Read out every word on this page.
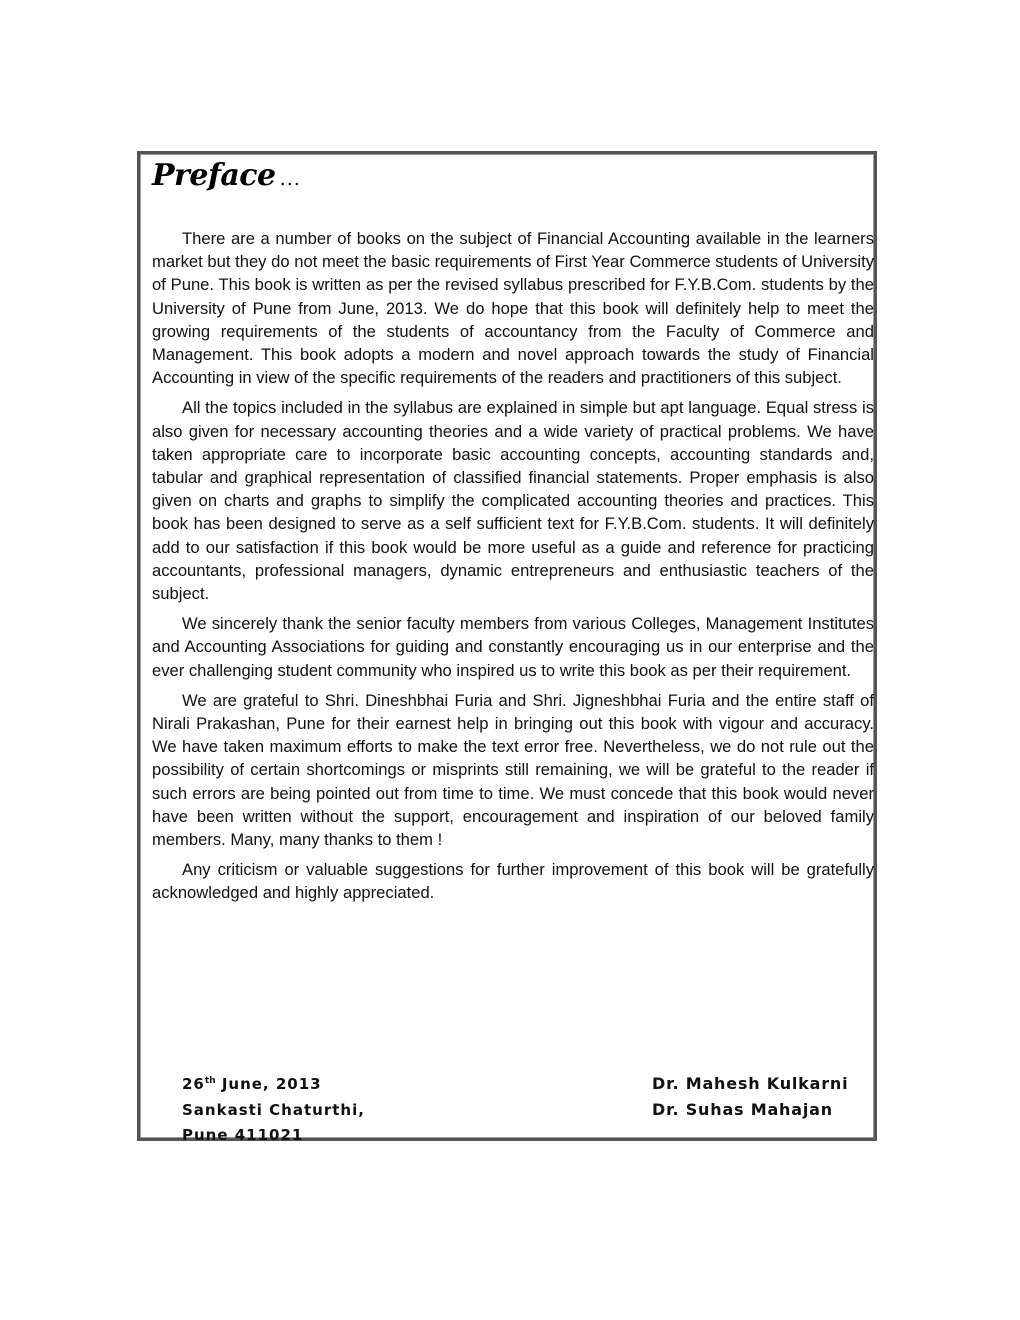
Preface ...

There are a number of books on the subject of Financial Accounting available in the learners market but they do not meet the basic requirements of First Year Commerce students of University of Pune. This book is written as per the revised syllabus prescribed for F.Y.B.Com. students by the University of Pune from June, 2013. We do hope that this book will definitely help to meet the growing requirements of the students of accountancy from the Faculty of Commerce and Management. This book adopts a modern and novel approach towards the study of Financial Accounting in view of the specific requirements of the readers and practitioners of this subject.

All the topics included in the syllabus are explained in simple but apt language. Equal stress is also given for necessary accounting theories and a wide variety of practical problems. We have taken appropriate care to incorporate basic accounting concepts, accounting standards and, tabular and graphical representation of classified financial statements. Proper emphasis is also given on charts and graphs to simplify the complicated accounting theories and practices. This book has been designed to serve as a self sufficient text for F.Y.B.Com. students. It will definitely add to our satisfaction if this book would be more useful as a guide and reference for practicing accountants, professional managers, dynamic entrepreneurs and enthusiastic teachers of the subject.

We sincerely thank the senior faculty members from various Colleges, Management Institutes and Accounting Associations for guiding and constantly encouraging us in our enterprise and the ever challenging student community who inspired us to write this book as per their requirement.

We are grateful to Shri. Dineshbhai Furia and Shri. Jigneshbhai Furia and the entire staff of Nirali Prakashan, Pune for their earnest help in bringing out this book with vigour and accuracy. We have taken maximum efforts to make the text error free. Nevertheless, we do not rule out the possibility of certain shortcomings or misprints still remaining, we will be grateful to the reader if such errors are being pointed out from time to time. We must concede that this book would never have been written without the support, encouragement and inspiration of our beloved family members. Many, many thanks to them !

Any criticism or valuable suggestions for further improvement of this book will be gratefully acknowledged and highly appreciated.

26th June, 2013
Sankasti Chaturthi,
Pune 411021
Dr. Mahesh Kulkarni
Dr. Suhas Mahajan
